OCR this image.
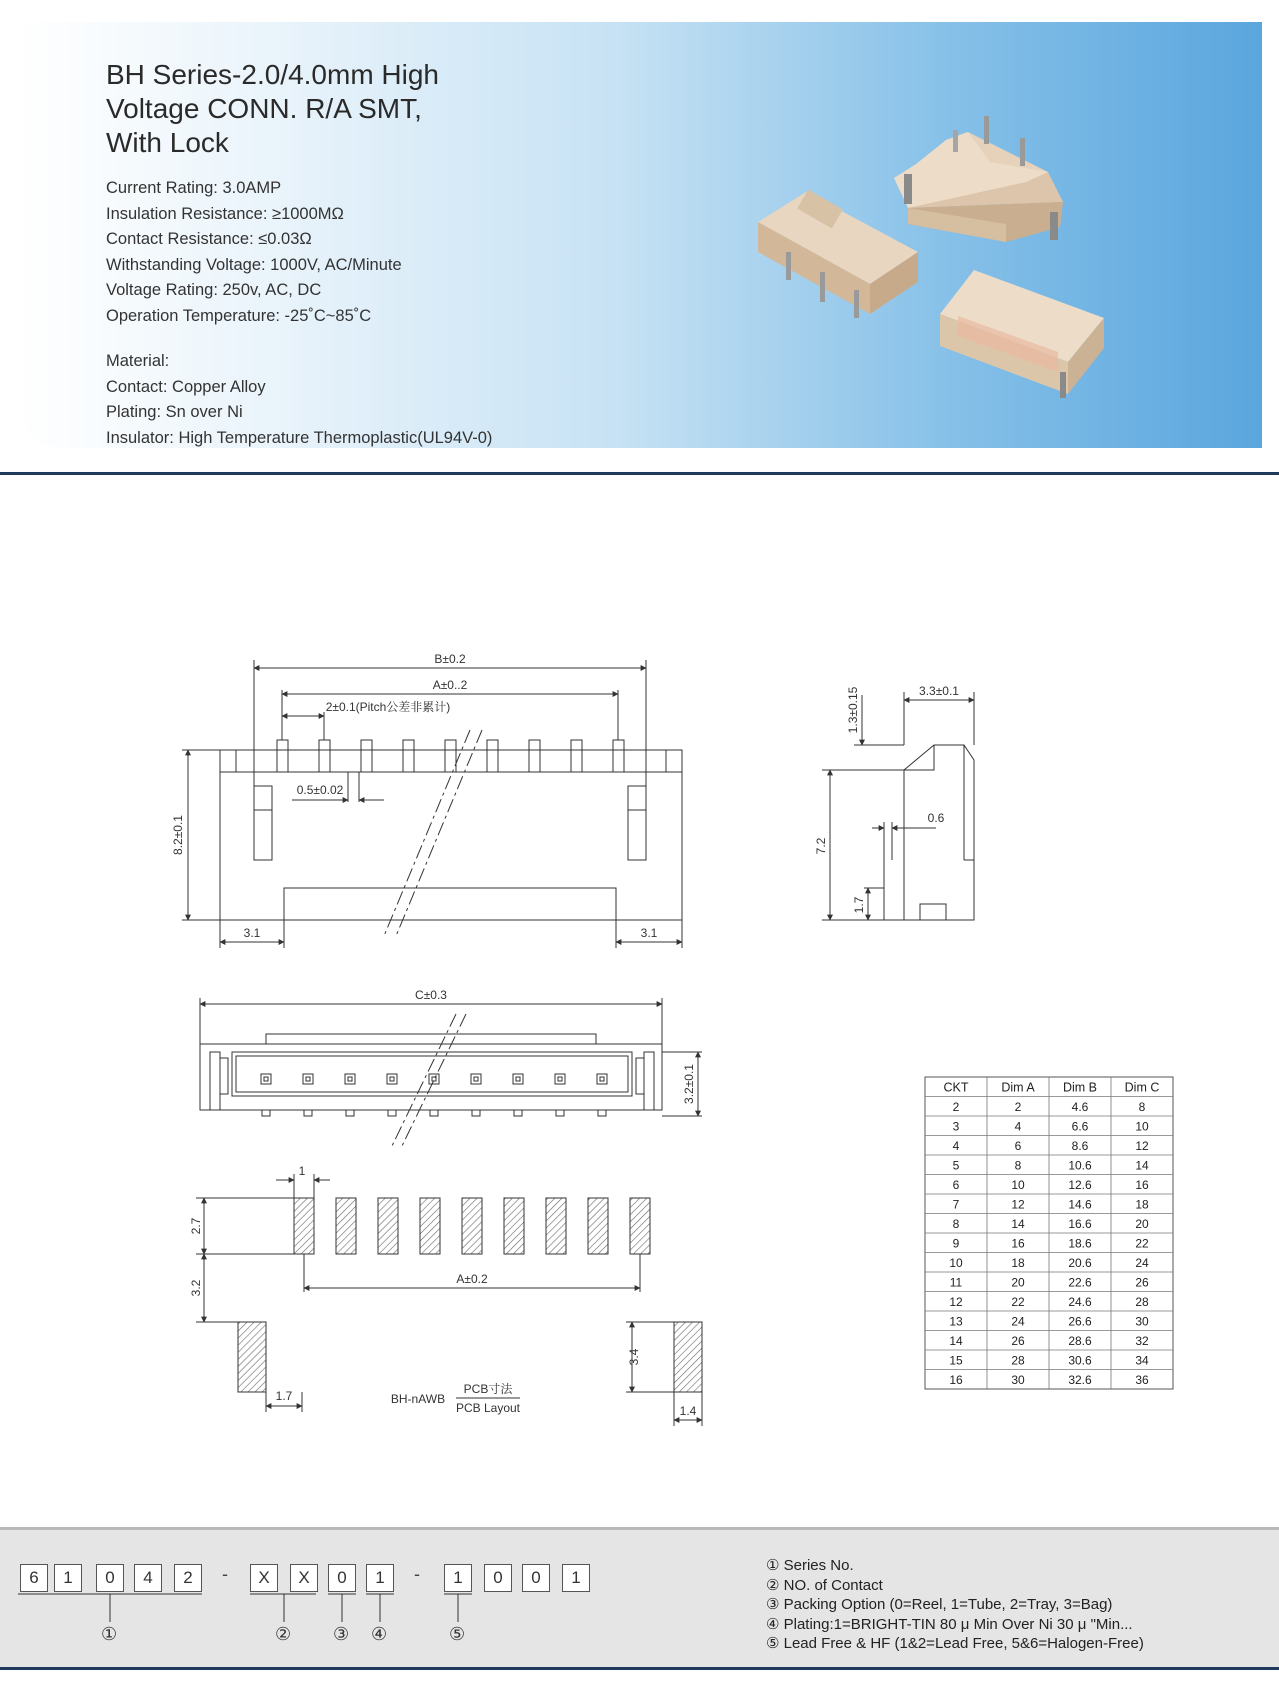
BH Series-2.0/4.0mm High
Voltage CONN. R/A SMT,
With Lock
Current Rating: 3.0AMP
Insulation Resistance: ≥1000MΩ
Contact Resistance: ≤0.03Ω
Withstanding Voltage: 1000V, AC/Minute
Voltage Rating: 250v, AC, DC
Operation Temperature: -25˚C~85˚C
Material:
Contact: Copper Alloy
Plating: Sn over Ni
Insulator: High Temperature Thermoplastic(UL94V-0)
B±0.2
A±0..2
2±0.1(Pitch公差非累计)
0.5±0.02
8.2±0.1
3.1	3.1
3.3±0.1
1.3±0.15
7.2
0.6
1.7
C±0.3
3.2±0.1
1
2.7
3.2
A±0.2
1.7
3.4
1.4
BH-nAWB
PCB寸法
PCB Layout
CKT	Dim A Dim B Dim C
2	2	4.6	8
3	4	6.6	10
4	6	8.6	12
5	8	10.6	14
6	10	12.6	16
7	12	14.6	18
8	14	16.6	20
9	16	18.6	22
10	18	20.6	24
11	20	22.6	26
12	22	24.6	28
13	24	26.6	30
14	26	28.6	32
15	28	30.6	34
16	30	32.6	36
6	1	0	4	2	-	X	X	0	1	-	1	0	0	1
①	② ③ ④	⑤
① Series No.
② NO. of Contact
③ Packing Option (0=Reel, 1=Tube, 2=Tray, 3=Bag)
④ Plating:1=BRIGHT-TIN 80 μ Min Over Ni 30 μ "Min...
⑤ Lead Free & HF (1&2=Lead Free, 5&6=Halogen-Free)
